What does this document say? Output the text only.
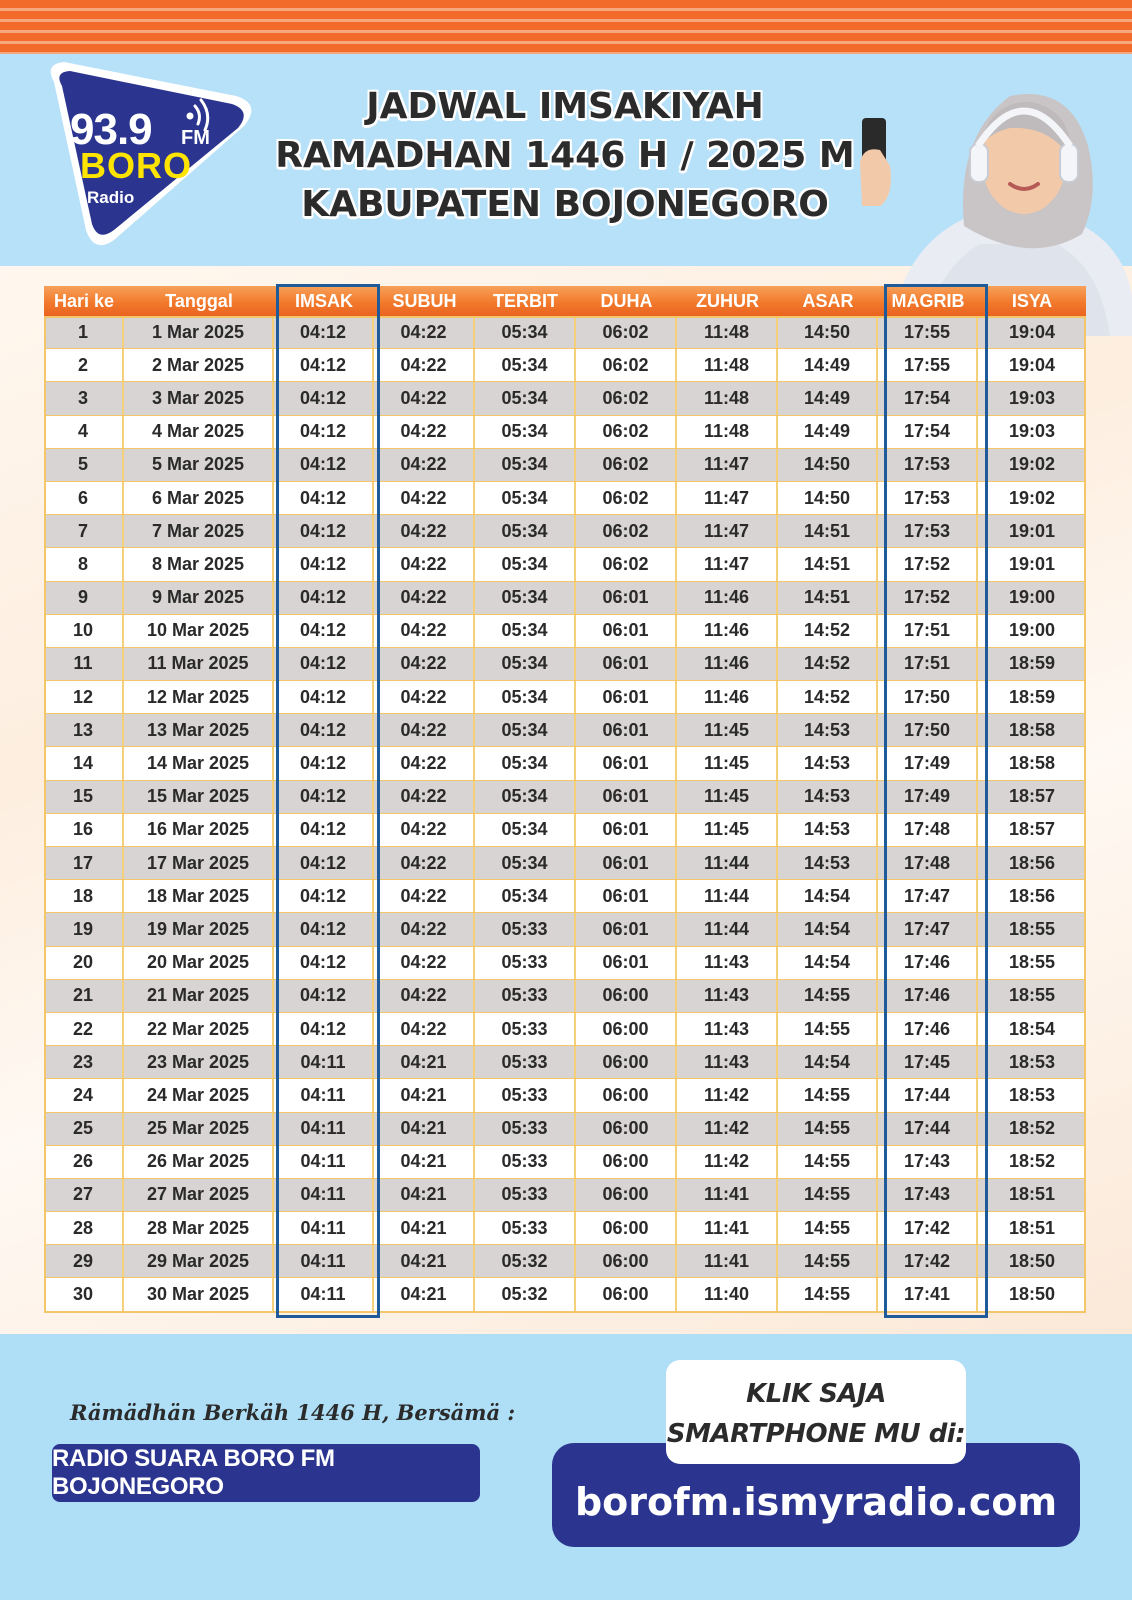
93.9 FM
BORO
Radio
JADWAL IMSAKIYAH
RAMADHAN 1446 H / 2025 M
KABUPATEN BOJONEGORO
Hari ke	Tanggal	IMSAK	SUBUH	TERBIT	DUHA	ZUHUR	ASAR	MAGRIB	ISYA
1	1 Mar 2025	04:12	04:22	05:34	06:02	11:48	14:50	17:55	19:04
2	2 Mar 2025	04:12	04:22	05:34	06:02	11:48	14:49	17:55	19:04
3	3 Mar 2025	04:12	04:22	05:34	06:02	11:48	14:49	17:54	19:03
4	4 Mar 2025	04:12	04:22	05:34	06:02	11:48	14:49	17:54	19:03
5	5 Mar 2025	04:12	04:22	05:34	06:02	11:47	14:50	17:53	19:02
6	6 Mar 2025	04:12	04:22	05:34	06:02	11:47	14:50	17:53	19:02
7	7 Mar 2025	04:12	04:22	05:34	06:02	11:47	14:51	17:53	19:01
8	8 Mar 2025	04:12	04:22	05:34	06:02	11:47	14:51	17:52	19:01
9	9 Mar 2025	04:12	04:22	05:34	06:01	11:46	14:51	17:52	19:00
10	10 Mar 2025	04:12	04:22	05:34	06:01	11:46	14:52	17:51	19:00
11	11 Mar 2025	04:12	04:22	05:34	06:01	11:46	14:52	17:51	18:59
12	12 Mar 2025	04:12	04:22	05:34	06:01	11:46	14:52	17:50	18:59
13	13 Mar 2025	04:12	04:22	05:34	06:01	11:45	14:53	17:50	18:58
14	14 Mar 2025	04:12	04:22	05:34	06:01	11:45	14:53	17:49	18:58
15	15 Mar 2025	04:12	04:22	05:34	06:01	11:45	14:53	17:49	18:57
16	16 Mar 2025	04:12	04:22	05:34	06:01	11:45	14:53	17:48	18:57
17	17 Mar 2025	04:12	04:22	05:34	06:01	11:44	14:53	17:48	18:56
18	18 Mar 2025	04:12	04:22	05:34	06:01	11:44	14:54	17:47	18:56
19	19 Mar 2025	04:12	04:22	05:33	06:01	11:44	14:54	17:47	18:55
20	20 Mar 2025	04:12	04:22	05:33	06:01	11:43	14:54	17:46	18:55
21	21 Mar 2025	04:12	04:22	05:33	06:00	11:43	14:55	17:46	18:55
22	22 Mar 2025	04:12	04:22	05:33	06:00	11:43	14:55	17:46	18:54
23	23 Mar 2025	04:11	04:21	05:33	06:00	11:43	14:54	17:45	18:53
24	24 Mar 2025	04:11	04:21	05:33	06:00	11:42	14:55	17:44	18:53
25	25 Mar 2025	04:11	04:21	05:33	06:00	11:42	14:55	17:44	18:52
26	26 Mar 2025	04:11	04:21	05:33	06:00	11:42	14:55	17:43	18:52
27	27 Mar 2025	04:11	04:21	05:33	06:00	11:41	14:55	17:43	18:51
28	28 Mar 2025	04:11	04:21	05:33	06:00	11:41	14:55	17:42	18:51
29	29 Mar 2025	04:11	04:21	05:32	06:00	11:41	14:55	17:42	18:50
30	30 Mar 2025	04:11	04:21	05:32	06:00	11:40	14:55	17:41	18:50
Rämädhän Berkäh 1446 H, Bersämä :
RADIO SUARA BORO FM BOJONEGORO	borofm.ismyradio.com
KLIK SAJA
SMARTPHONE MU di:
